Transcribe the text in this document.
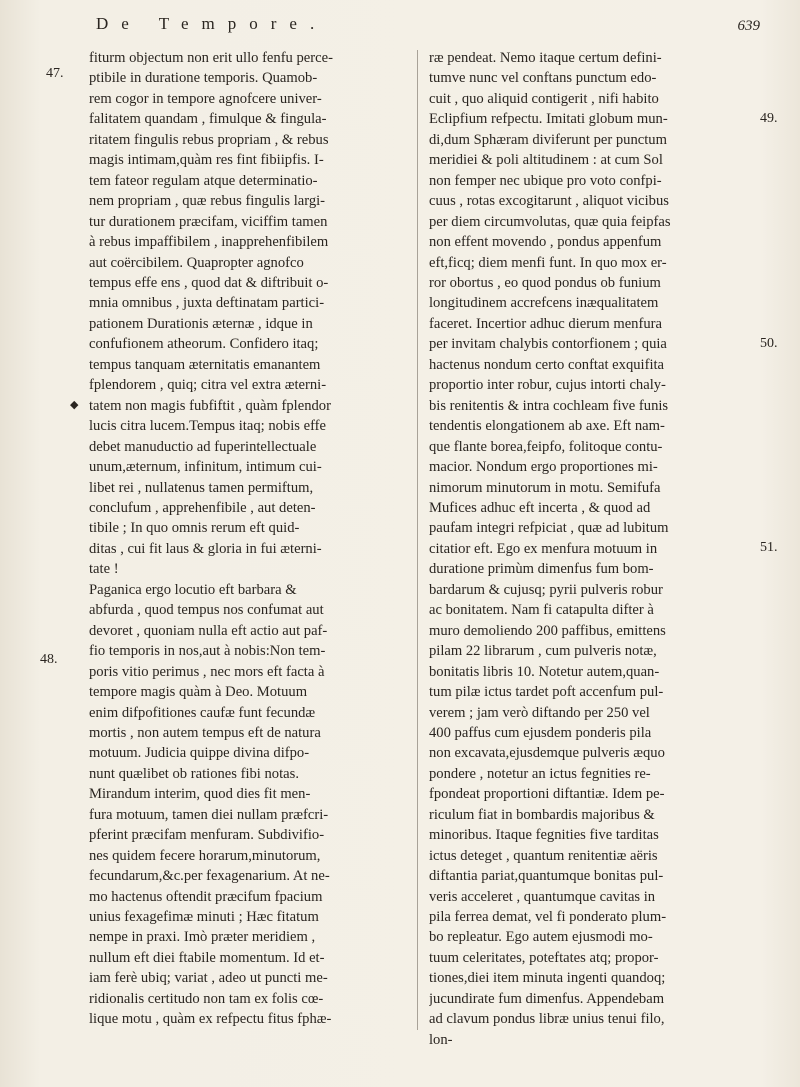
De Tempore.	639
47.
48.
49.
50.
51.
◆
fiturm objectum non erit ullo fenfu perce-
ptibile in duratione temporis. Quamob-
rem cogor in tempore agnofcere univer-
falitatem quandam , fimulque & fingula-
ritatem fingulis rebus propriam , & rebus
magis intimam,quàm res fint fibiipfis. I-
tem fateor regulam atque determinatio-
nem propriam , quæ rebus fingulis largi-
tur durationem præcifam, viciffim tamen
à rebus impaffibilem , inapprehenfibilem
aut coërcibilem. Quapropter agnofco
tempus effe ens , quod dat & diftribuit o-
mnia omnibus , juxta deftinatam partici-
pationem Durationis æternæ , idque in
confufionem atheorum. Confidero itaq;
tempus tanquam æternitatis emanantem
fplendorem , quiq; citra vel extra æterni-
tatem non magis fubfiftit , quàm fplendor
lucis citra lucem.Tempus itaq; nobis effe
debet manuductio ad fuperintellectuale
unum,æternum, infinitum, intimum cui-
libet rei , nullatenus tamen permiftum,
conclufum , apprehenfibile , aut deten-
tibile ; In quo omnis rerum eft quid-
ditas , cui fit laus & gloria in fui æterni-
tate !
Paganica ergo locutio eft barbara &
abfurda , quod tempus nos confumat aut
devoret , quoniam nulla eft actio aut paf-
fio temporis in nos,aut à nobis:Non tem-
poris vitio perimus , nec mors eft facta à
tempore magis quàm à Deo. Motuum
enim difpofitiones caufæ funt fecundæ
mortis , non autem tempus eft de natura
motuum. Judicia quippe divina difpo-
nunt quælibet ob rationes fibi notas.
Mirandum interim, quod dies fit men-
fura motuum, tamen diei nullam præfcri-
pferint præcifam menfuram. Subdivifio-
nes quidem fecere horarum,minutorum,
fecundarum,&c.per fexagenarium. At ne-
mo hactenus oftendit præcifum fpacium
unius fexagefimæ minuti ; Hæc fitatum
nempe in praxi. Imò præter meridiem ,
nullum eft diei ftabile momentum. Id et-
iam ferè ubiq; variat , adeo ut puncti me-
ridionalis certitudo non tam ex folis cœ-
lique motu , quàm ex refpectu fitus fphæ-
ræ pendeat. Nemo itaque certum defini-
tumve nunc vel conftans punctum edo-
cuit , quo aliquid contigerit , nifi habito
Eclipfium refpectu. Imitati globum mun-
di,dum Sphæram diviferunt per punctum
meridiei & poli altitudinem : at cum Sol
non femper nec ubique pro voto confpi-
cuus , rotas excogitarunt , aliquot vicibus
per diem circumvolutas, quæ quia feipfas
non effent movendo , pondus appenfum
eft,ficq; diem menfi funt. In quo mox er-
ror obortus , eo quod pondus ob funium
longitudinem accrefcens inæqualitatem
faceret. Incertior adhuc dierum menfura
per invitam chalybis contorfionem ; quia
hactenus nondum certo conftat exquifita
proportio inter robur, cujus intorti chaly-
bis renitentis & intra cochleam five funis
tendentis elongationem ab axe. Eft nam-
que flante borea,feipfo, folitoque contu-
macior. Nondum ergo proportiones mi-
nimorum minutorum in motu. Semifufa
Mufices adhuc eft incerta , & quod ad
paufam integri refpiciat , quæ ad lubitum
citatior eft. Ego ex menfura motuum in
duratione primùm dimenfus fum bom-
bardarum & cujusq; pyrii pulveris robur
ac bonitatem. Nam fi catapulta difter à
muro demoliendo 200 paffibus, emittens
pilam 22 librarum , cum pulveris notæ,
bonitatis libris 10. Notetur autem,quan-
tum pilæ ictus tardet poft accenfum pul-
verem ; jam verò diftando per 250 vel
400 paffus cum ejusdem ponderis pila
non excavata,ejusdemque pulveris æquo
pondere , notetur an ictus fegnities re-
fpondeat proportioni diftantiæ. Idem pe-
riculum fiat in bombardis majoribus &
minoribus. Itaque fegnities five tarditas
ictus deteget , quantum renitentiæ aëris
diftantia pariat,quantumque bonitas pul-
veris acceleret , quantumque cavitas in
pila ferrea demat, vel fi ponderato plum-
bo repleatur. Ego autem ejusmodi mo-
tuum celeritates, poteftates atq; propor-
tiones,diei item minuta ingenti quandoq;
jucundirate fum dimenfus. Appendebam
ad clavum pondus libræ unius tenui filo,
lon-
